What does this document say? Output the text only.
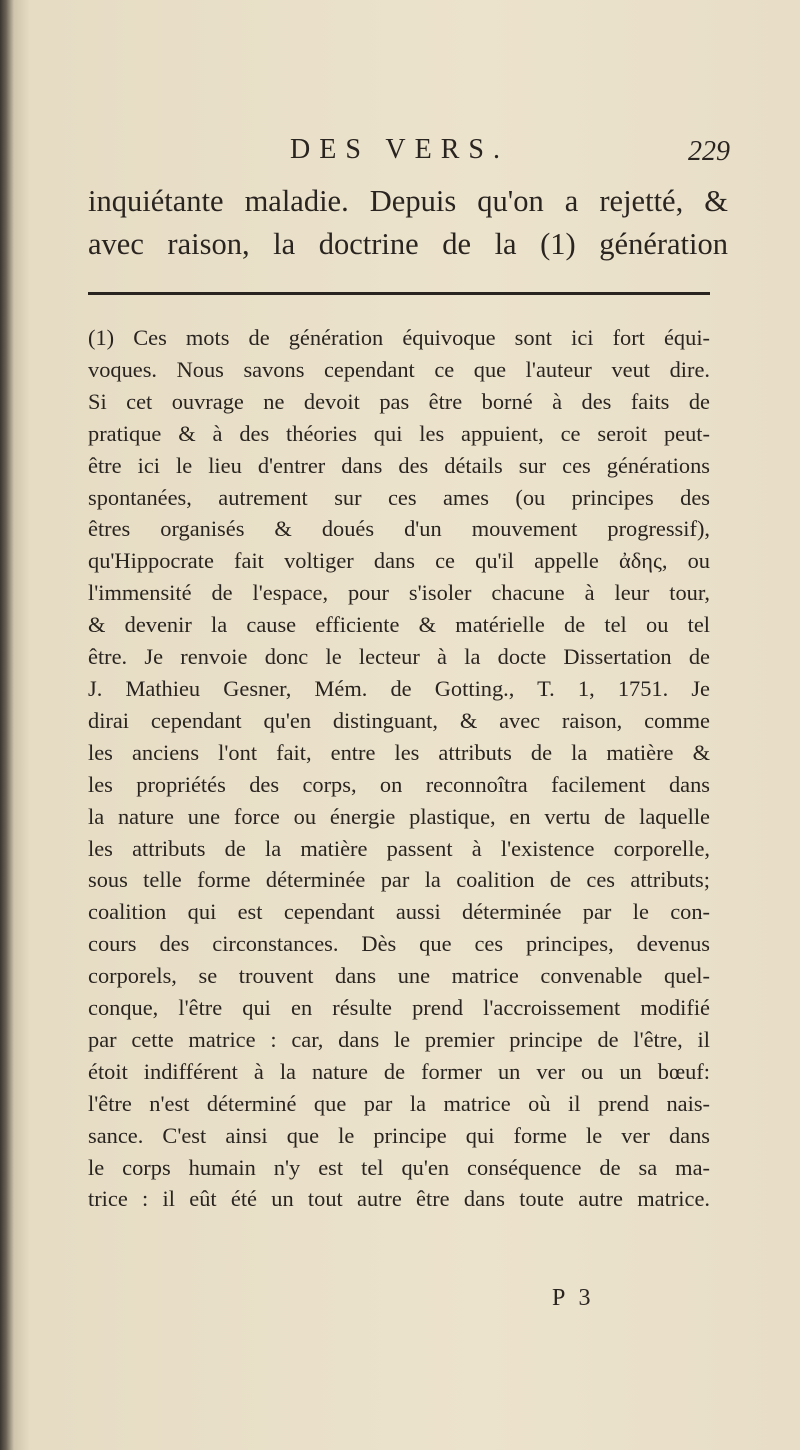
DES VERS.	229
inquiétante maladie. Depuis qu'on a rejetté, &
avec raison, la doctrine de la (1) génération
(1) Ces mots de génération équivoque sont ici fort équi-
voques. Nous savons cependant ce que l'auteur veut dire.
Si cet ouvrage ne devoit pas être borné à des faits de
pratique & à des théories qui les appuient, ce seroit peut-
être ici le lieu d'entrer dans des détails sur ces générations
spontanées, autrement sur ces ames (ou principes des
êtres organisés & doués d'un mouvement progressif),
qu'Hippocrate fait voltiger dans ce qu'il appelle ἀδης, ou
l'immensité de l'espace, pour s'isoler chacune à leur tour,
& devenir la cause efficiente & matérielle de tel ou tel
être. Je renvoie donc le lecteur à la docte Dissertation de
J. Mathieu Gesner, Mém. de Gotting., T. 1, 1751. Je
dirai cependant qu'en distinguant, & avec raison, comme
les anciens l'ont fait, entre les attributs de la matière &
les propriétés des corps, on reconnoîtra facilement dans
la nature une force ou énergie plastique, en vertu de laquelle
les attributs de la matière passent à l'existence corporelle,
sous telle forme déterminée par la coalition de ces attributs;
coalition qui est cependant aussi déterminée par le con-
cours des circonstances. Dès que ces principes, devenus
corporels, se trouvent dans une matrice convenable quel-
conque, l'être qui en résulte prend l'accroissement modifié
par cette matrice : car, dans le premier principe de l'être, il
étoit indifférent à la nature de former un ver ou un bœuf:
l'être n'est déterminé que par la matrice où il prend nais-
sance. C'est ainsi que le principe qui forme le ver dans
le corps humain n'y est tel qu'en conséquence de sa ma-
trice : il eût été un tout autre être dans toute autre matrice.
P 3
